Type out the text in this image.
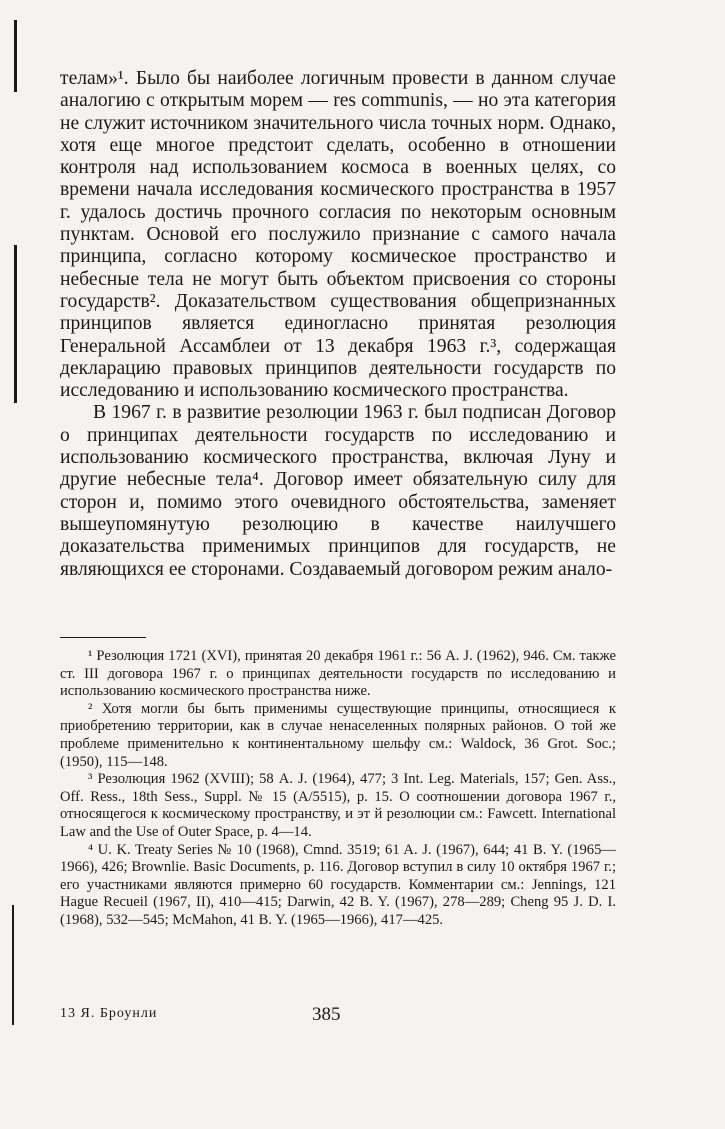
телам»¹. Было бы наиболее логичным провести в данном случае аналогию с открытым морем — res communis, — но эта категория не служит источником значительного числа точных норм. Однако, хотя еще многое предстоит сделать, особенно в отношении контроля над использованием космоса в военных целях, со времени начала исследования космического пространства в 1957 г. удалось достичь прочного согласия по некоторым основным пунктам. Основой его послужило признание с самого начала принципа, согласно которому космическое пространство и небесные тела не могут быть объектом присвоения со стороны государств². Доказательством существования общепризнанных принципов является единогласно принятая резолюция Генеральной Ассамблеи от 13 декабря 1963 г.³, содержащая декларацию правовых принципов деятельности государств по исследованию и использованию космического пространства.

В 1967 г. в развитие резолюции 1963 г. был подписан Договор о принципах деятельности государств по исследованию и использованию космического пространства, включая Луну и другие небесные тела⁴. Договор имеет обязательную силу для сторон и, помимо этого очевидного обстоятельства, заменяет вышеупомянутую резолюцию в качестве наилучшего доказательства применимых принципов для государств, не являющихся ее сторонами. Создаваемый договором режим анало-

¹ Резолюция 1721 (XVI), принятая 20 декабря 1961 г.: 56 A. J. (1962), 946. См. также ст. III договора 1967 г. о принципах деятельности государств по исследованию и использованию космического пространства ниже.

² Хотя могли бы быть применимы существующие принципы, относящиеся к приобретению территории, как в случае ненаселенных полярных районов. О той же проблеме применительно к континентальному шельфу см.: Waldock, 36 Grot. Soc.; (1950), 115—148.

³ Резолюция 1962 (XVIII); 58 A. J. (1964), 477; 3 Int. Leg. Materials, 157; Gen. Ass., Off. Ress., 18th Sess., Suppl. № 15 (A/5515), p. 15. О соотношении договора 1967 г., относящегося к космическому пространству, и эт й резолюции см.: Fawcett. International Law and the Use of Outer Space, p. 4—14.

⁴ U. K. Treaty Series № 10 (1968), Cmnd. 3519; 61 A. J. (1967), 644; 41 B. Y. (1965—1966), 426; Brownlie. Basic Documents, p. 116. Договор вступил в силу 10 октября 1967 г.; его участниками являются примерно 60 государств. Комментарии см.: Jennings, 121 Hague Recueil (1967, II), 410—415; Darwin, 42 B. Y. (1967), 278—289; Cheng 95 J. D. I. (1968), 532—545; McMahon, 41 B. Y. (1965—1966), 417—425.

13 Я. Броунли	385
